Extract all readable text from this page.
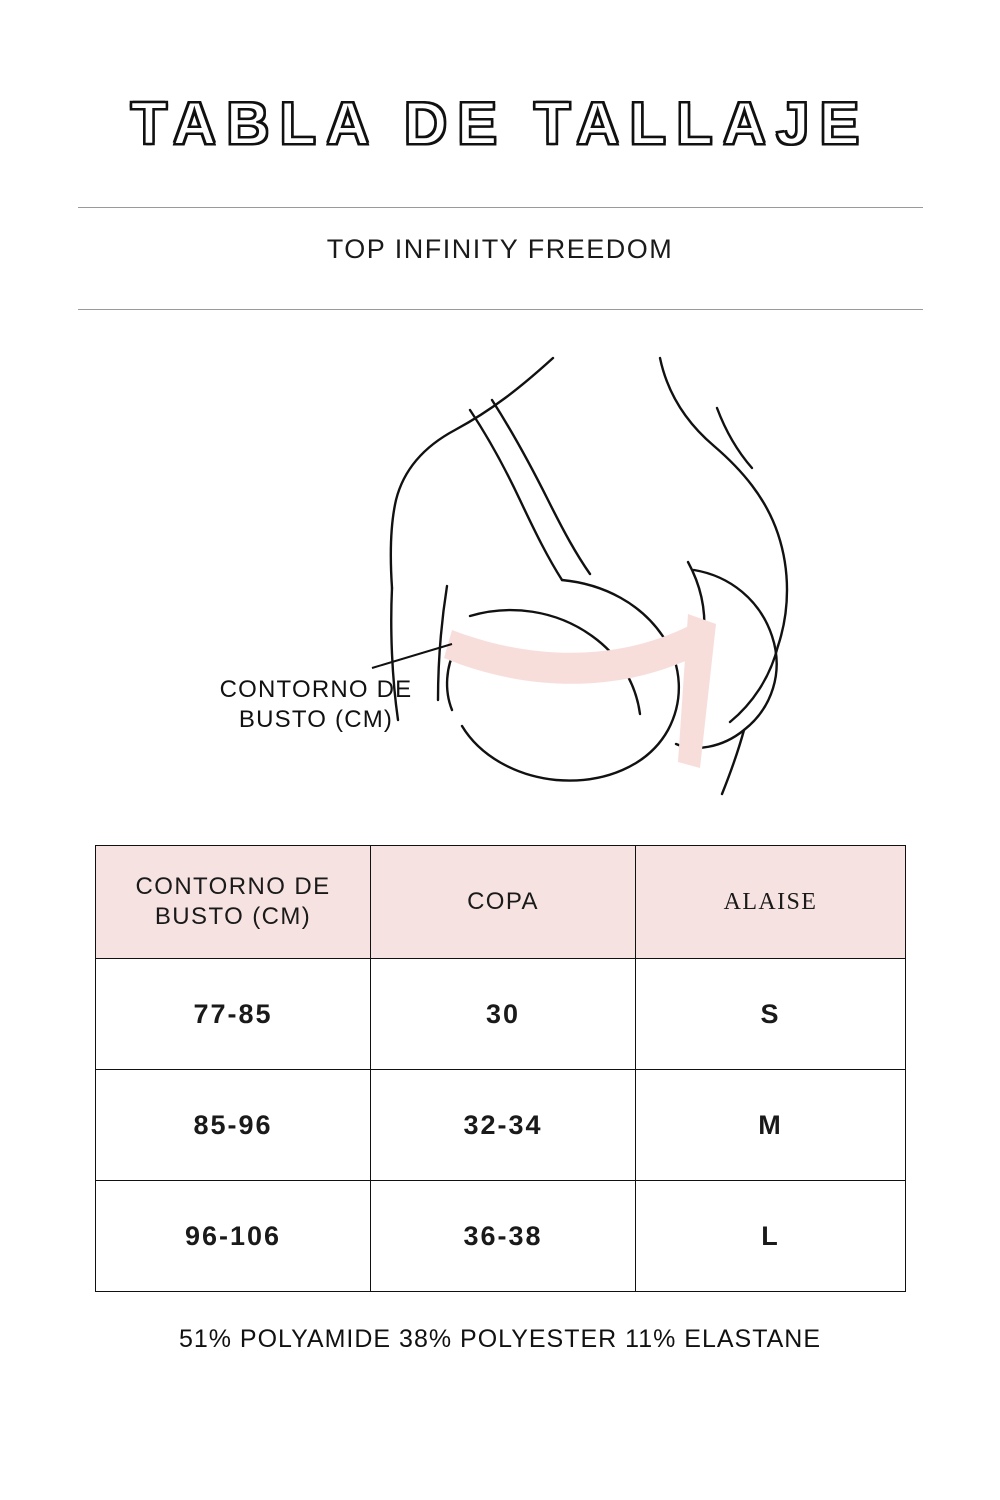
TABLA DE TALLAJE
TOP INFINITY FREEDOM
CONTORNO DE
BUSTO (CM)
CONTORNO DE
BUSTO (CM)	COPA	ALAISE
77-85	30	S
85-96	32-34	M
96-106	36-38	L
51% POLYAMIDE 38% POLYESTER 11% ELASTANE
